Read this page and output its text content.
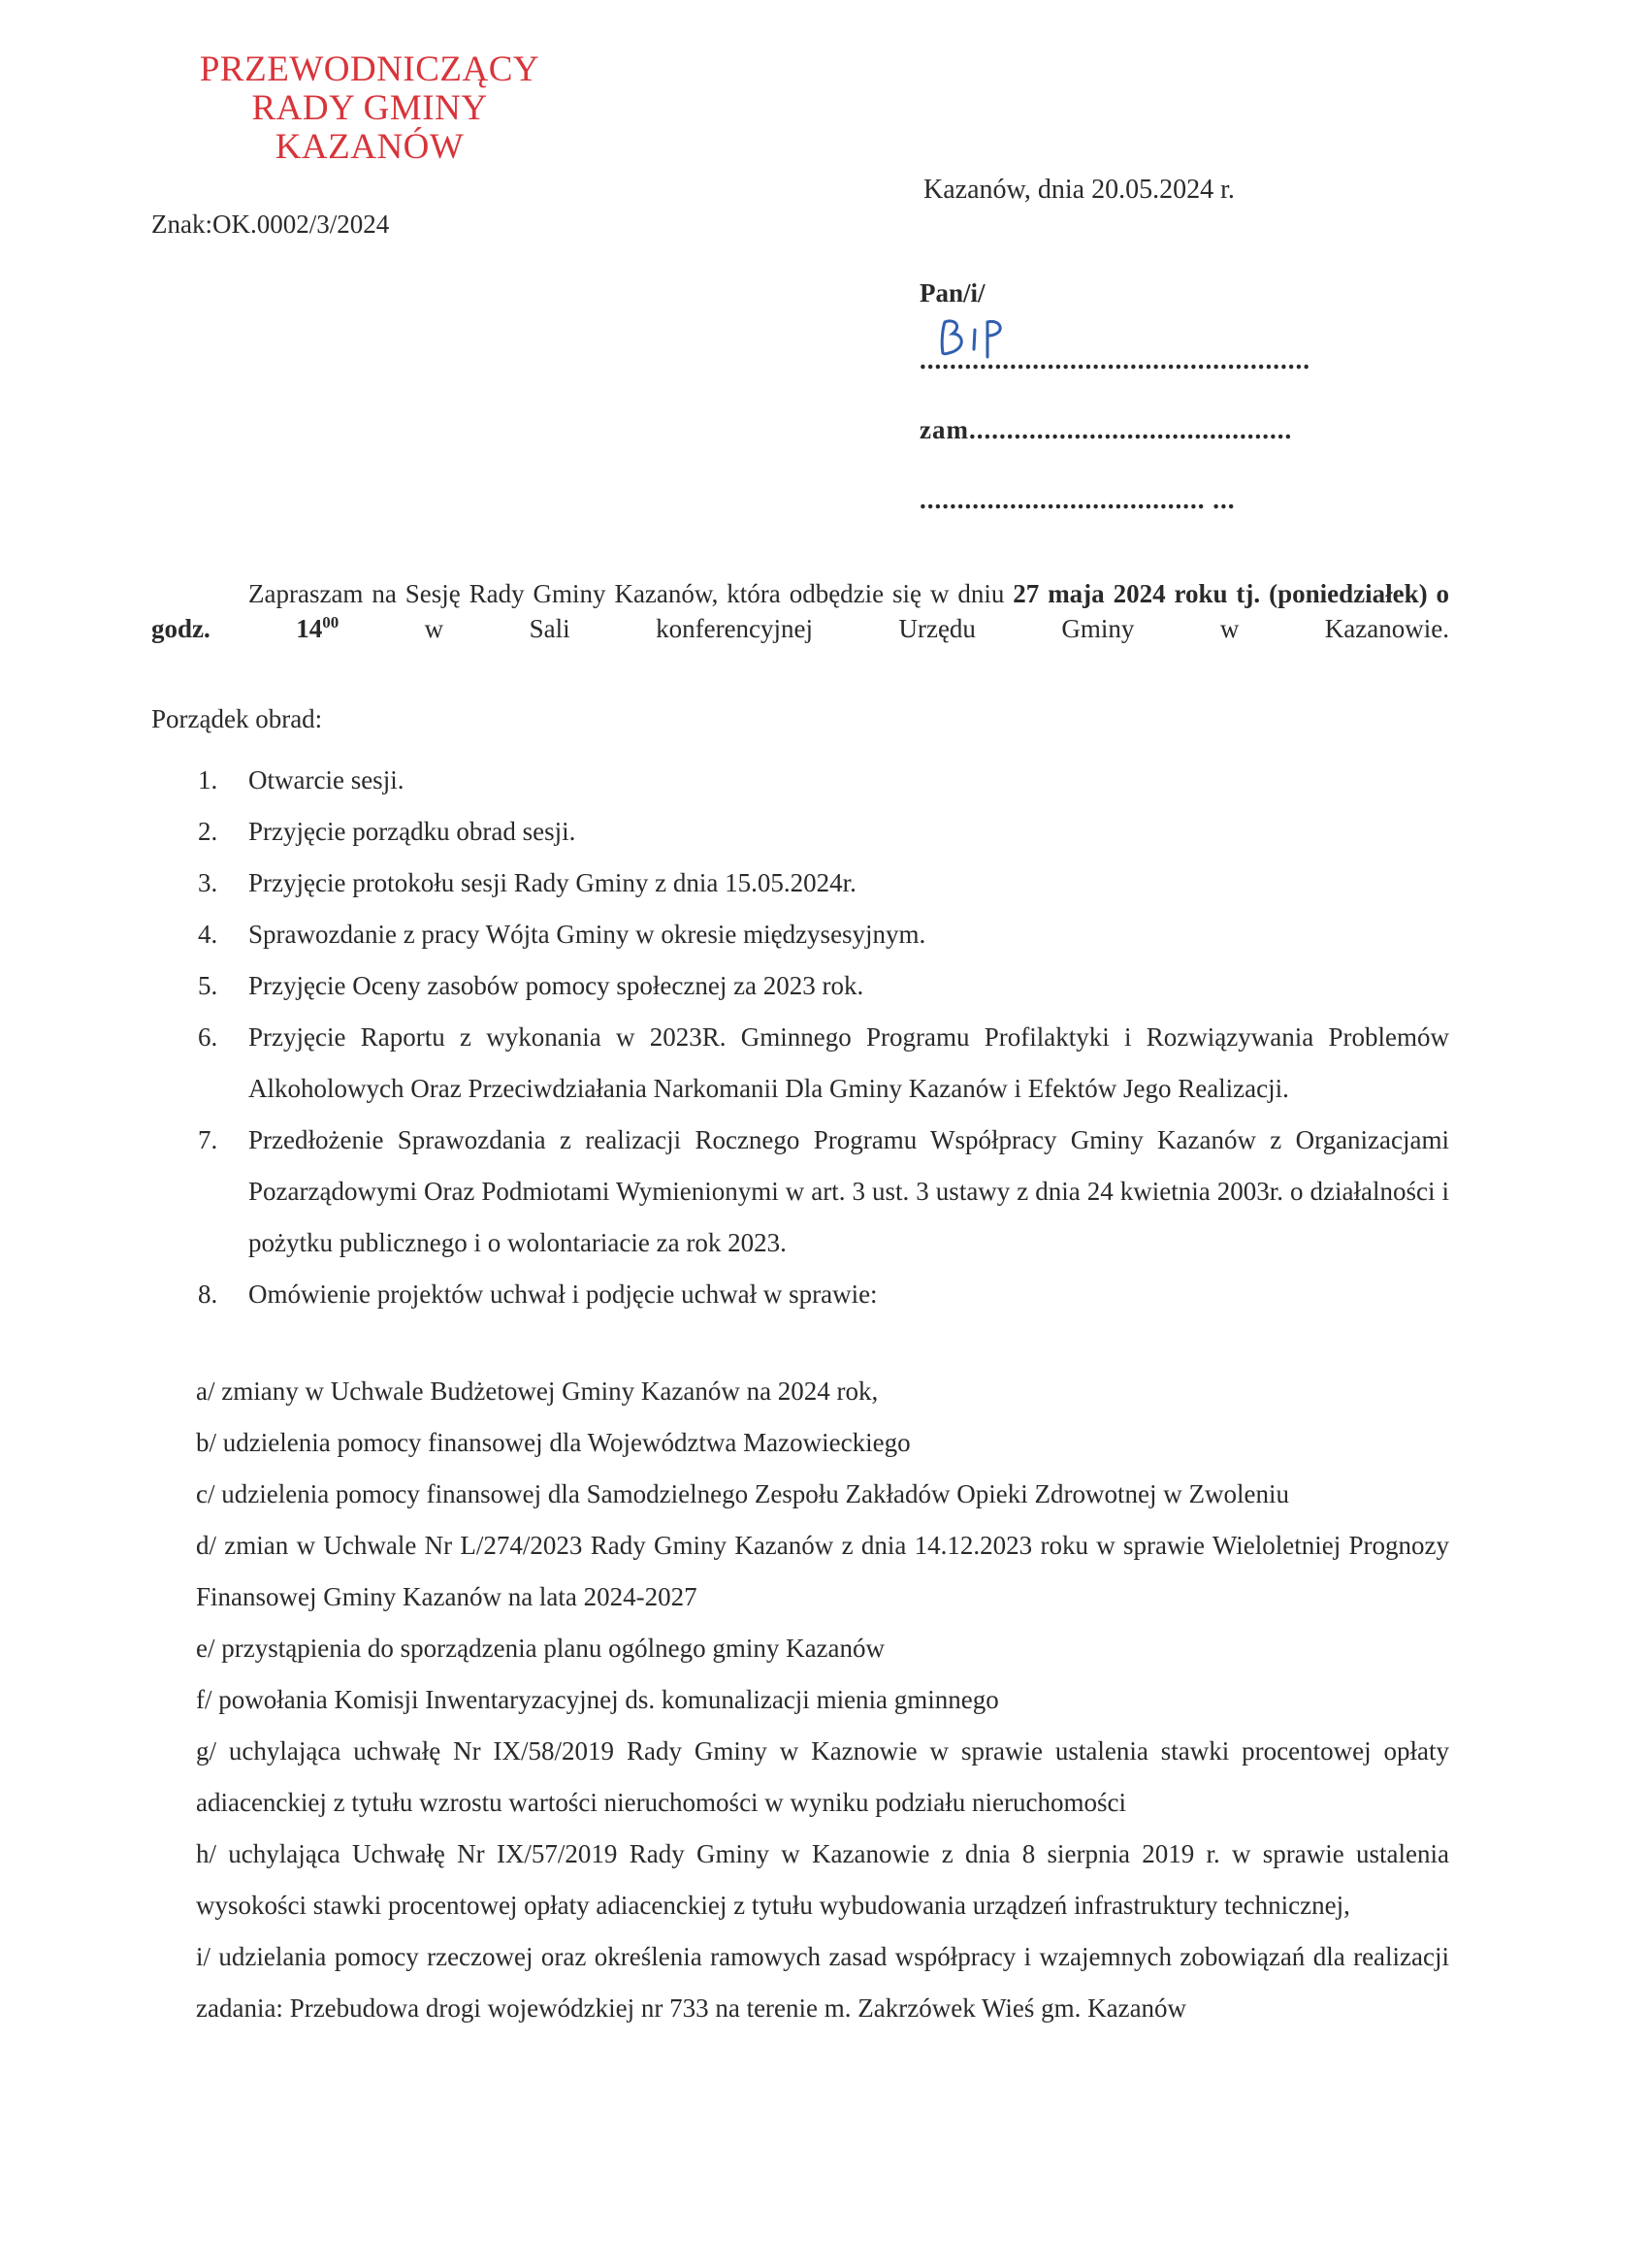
PRZEWODNICZĄCY
RADY GMINY
KAZANÓW
Znak:OK.0002/3/2024
Kazanów, dnia 20.05.2024 r.
Pan/i/
....................................................
zam...........................................
...................................... ...

Zapraszam na Sesję Rady Gminy Kazanów, która odbędzie się w dniu 27 maja 2024 roku tj. (poniedziałek) o godz. $14^{00}$ w Sali konferencyjnej Urzędu Gminy w Kazanowie.

Porządek obrad:
1. Otwarcie sesji.
2. Przyjęcie porządku obrad sesji.
3. Przyjęcie protokołu sesji Rady Gminy z dnia 15.05.2024r.
4. Sprawozdanie z pracy Wójta Gminy w okresie międzysesyjnym.
5. Przyjęcie Oceny zasobów pomocy społecznej za 2023 rok.
6. Przyjęcie Raportu z wykonania w 2023R. Gminnego Programu Profilaktyki i Rozwiązywania Problemów Alkoholowych Oraz Przeciwdziałania Narkomanii Dla Gminy Kazanów i Efektów Jego Realizacji.
7. Przedłożenie Sprawozdania z realizacji Rocznego Programu Współpracy Gminy Kazanów z Organizacjami Pozarządowymi Oraz Podmiotami Wymienionymi w art. 3 ust. 3 ustawy z dnia 24 kwietnia 2003r. o działalności i pożytku publicznego i o wolontariacie za rok 2023.
8. Omówienie projektów uchwał i podjęcie uchwał w sprawie:
a/ zmiany w Uchwale Budżetowej Gminy Kazanów na 2024 rok,
b/ udzielenia pomocy finansowej dla Województwa Mazowieckiego
c/ udzielenia pomocy finansowej dla Samodzielnego Zespołu Zakładów Opieki Zdrowotnej w Zwoleniu
d/ zmian w Uchwale Nr L/274/2023 Rady Gminy Kazanów z dnia 14.12.2023 roku w sprawie Wieloletniej Prognozy Finansowej Gminy Kazanów na lata 2024-2027
e/ przystąpienia do sporządzenia planu ogólnego gminy Kazanów
f/ powołania Komisji Inwentaryzacyjnej ds. komunalizacji mienia gminnego
g/ uchylająca uchwałę Nr IX/58/2019 Rady Gminy w Kaznowie w sprawie ustalenia stawki procentowej opłaty adiacenckiej z tytułu wzrostu wartości nieruchomości w wyniku podziału nieruchomości
h/ uchylająca Uchwałę Nr IX/57/2019 Rady Gminy w Kazanowie z dnia 8 sierpnia 2019 r. w sprawie ustalenia wysokości stawki procentowej opłaty adiacenckiej z tytułu wybudowania urządzeń infrastruktury technicznej,
i/ udzielania pomocy rzeczowej oraz określenia ramowych zasad współpracy i wzajemnych zobowiązań dla realizacji zadania: Przebudowa drogi wojewódzkiej nr 733 na terenie m. Zakrzówek Wieś gm. Kazanów
